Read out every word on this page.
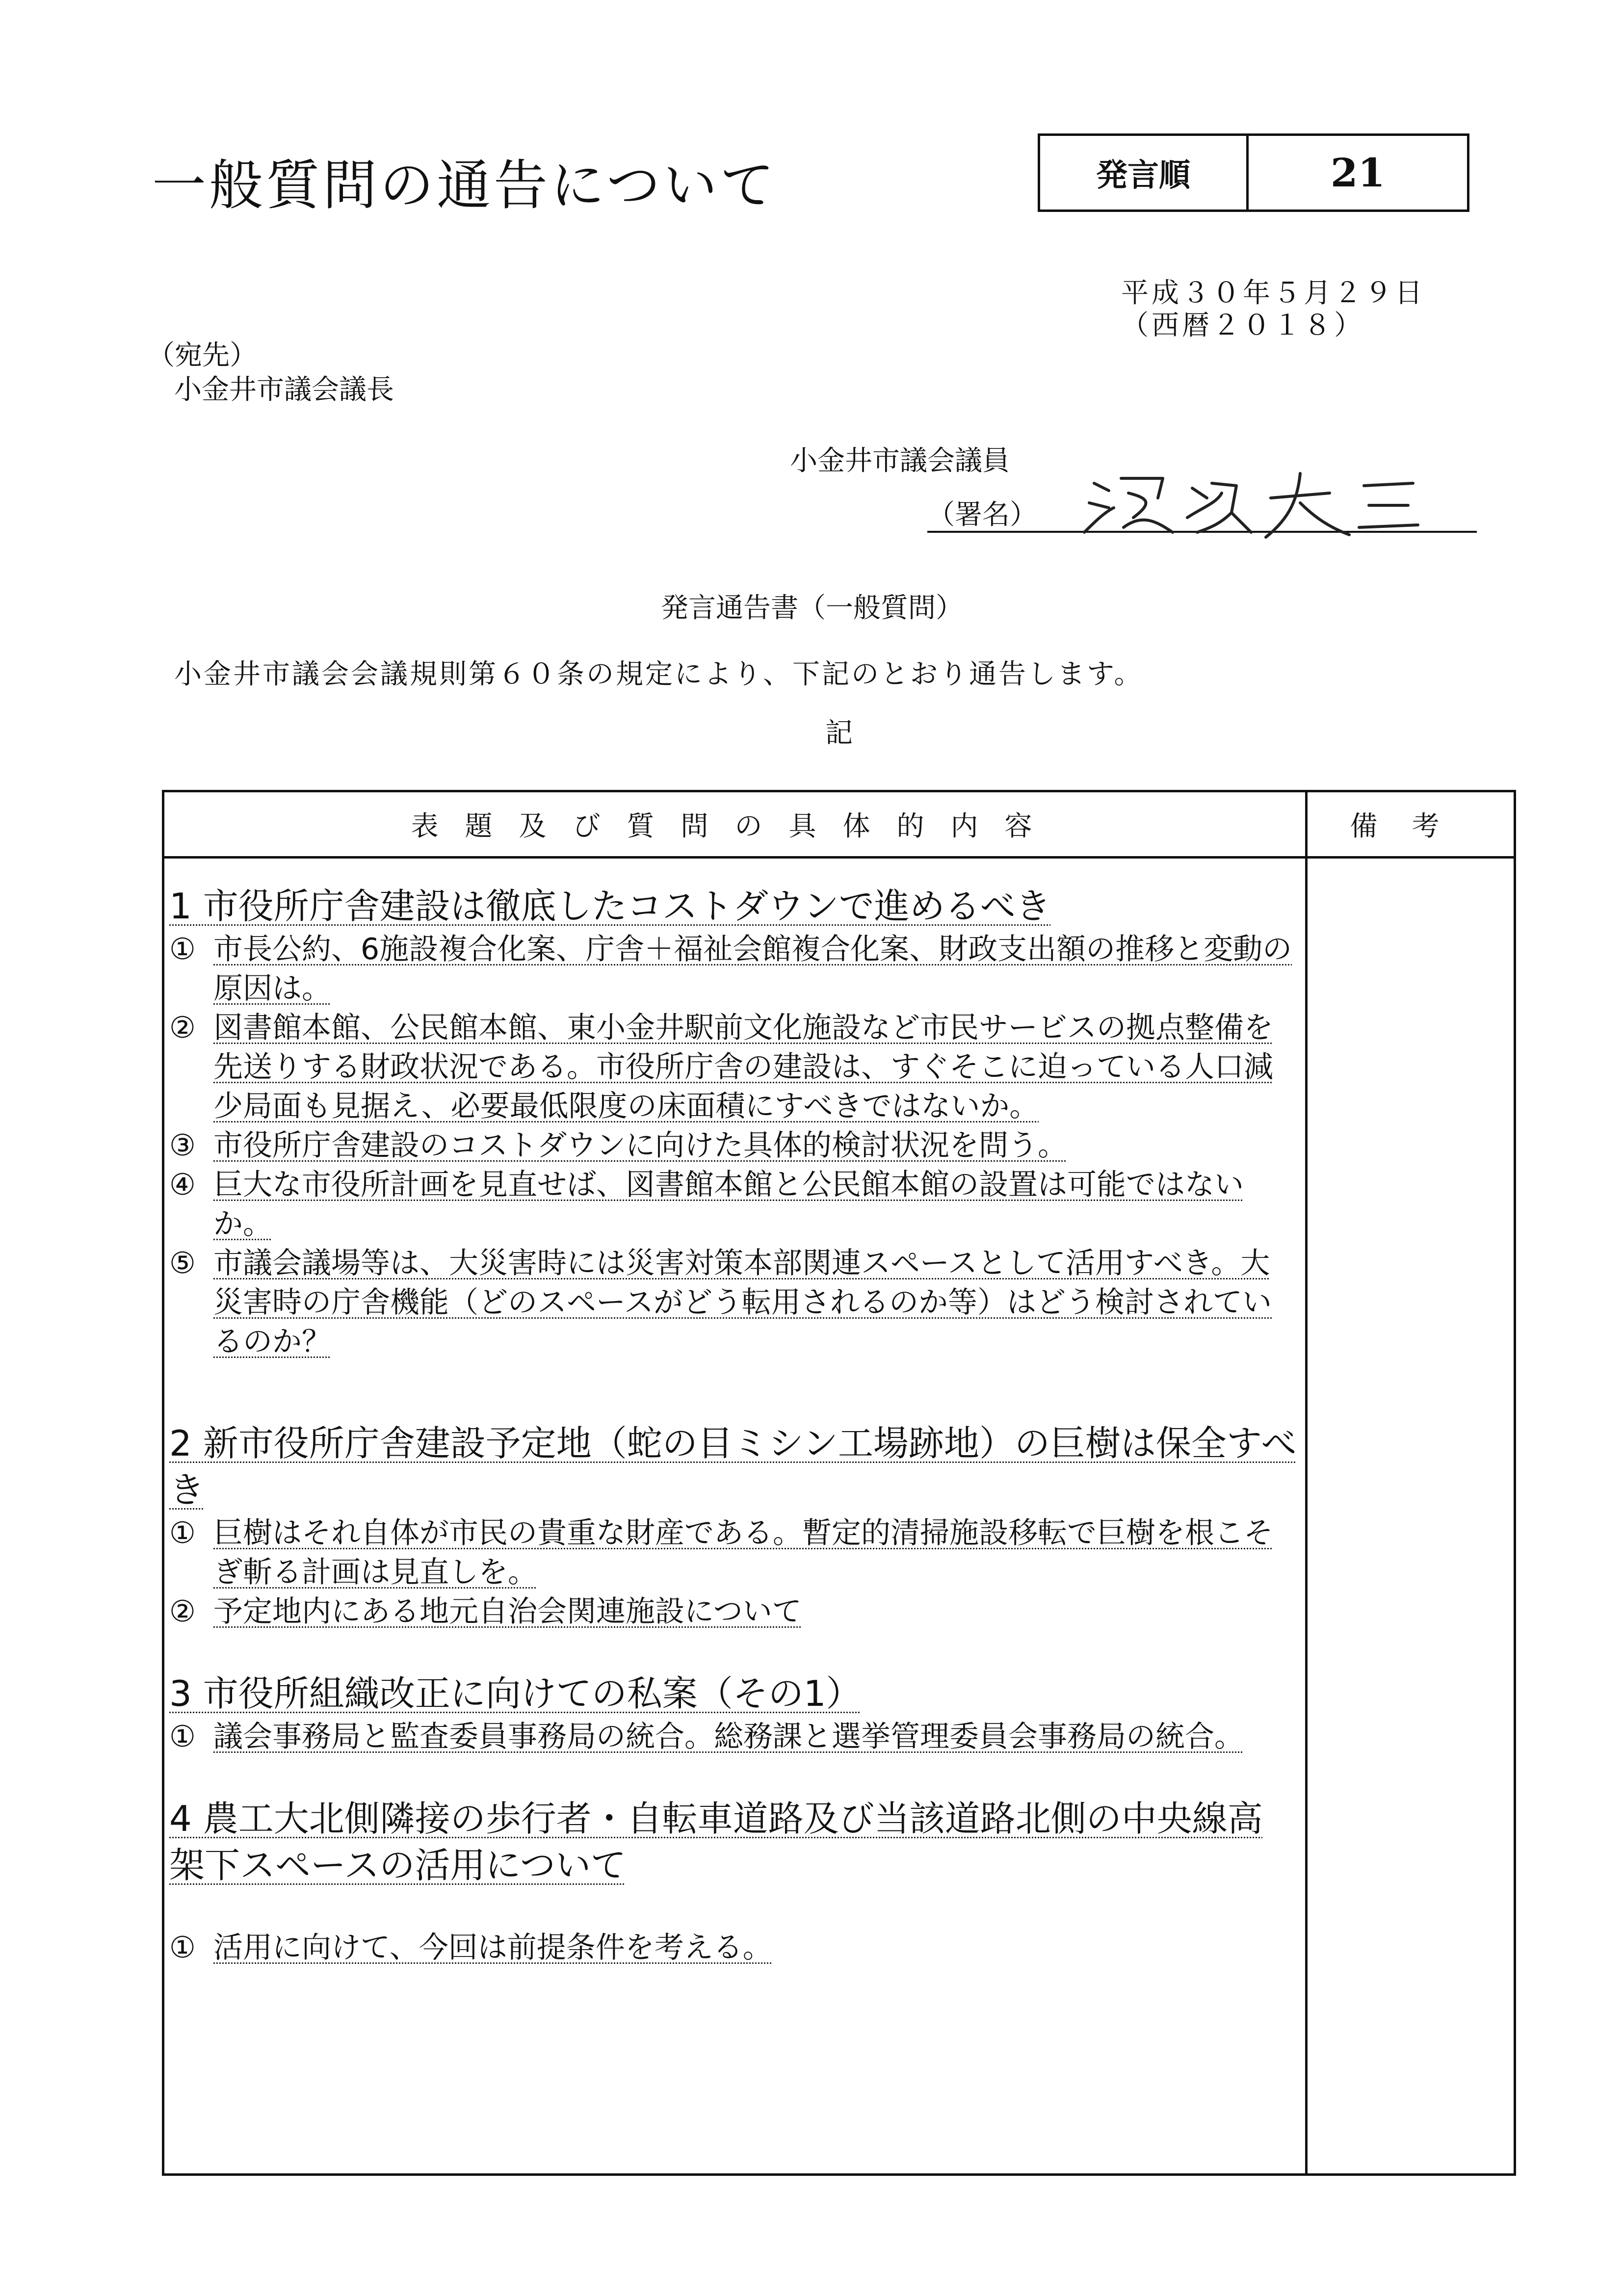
一般質問の通告について	発言順	21
平成３０年５月２９日
（西暦２０１８）
（宛先）
小金井市議会議長
小金井市議会議員
（署名）
発言通告書（一般質問）
小金井市議会会議規則第６０条の規定により、下記のとおり通告します。
記
表題及び質問の具体的内容	備考

1 市役所庁舎建設は徹底したコストダウンで進めるべき

① 市長公約、6施設複合化案、庁舎＋福祉会館複合化案、財政支出額の推移と変動の原因は。
② 図書館本館、公民館本館、東小金井駅前文化施設など市民サービスの拠点整備を先送りする財政状況である。市役所庁舎の建設は、すぐそこに迫っている人口減少局面も見据え、必要最低限度の床面積にすべきではないか。
③ 市役所庁舎建設のコストダウンに向けた具体的検討状況を問う。
④ 巨大な市役所計画を見直せば、図書館本館と公民館本館の設置は可能ではないか。
⑤ 市議会議場等は、大災害時には災害対策本部関連スペースとして活用すべき。大災害時の庁舎機能（どのスペースがどう転用されるのか等）はどう検討されているのか？

2 新市役所庁舎建設予定地（蛇の目ミシン工場跡地）の巨樹は保全すべき

① 巨樹はそれ自体が市民の貴重な財産である。暫定的清掃施設移転で巨樹を根こそぎ斬る計画は見直しを。
② 予定地内にある地元自治会関連施設について

3 市役所組織改正に向けての私案（その1）

① 議会事務局と監査委員事務局の統合。総務課と選挙管理委員会事務局の統合。

4 農工大北側隣接の歩行者・自転車道路及び当該道路北側の中央線高架下スペースの活用について

① 活用に向けて、今回は前提条件を考える。
